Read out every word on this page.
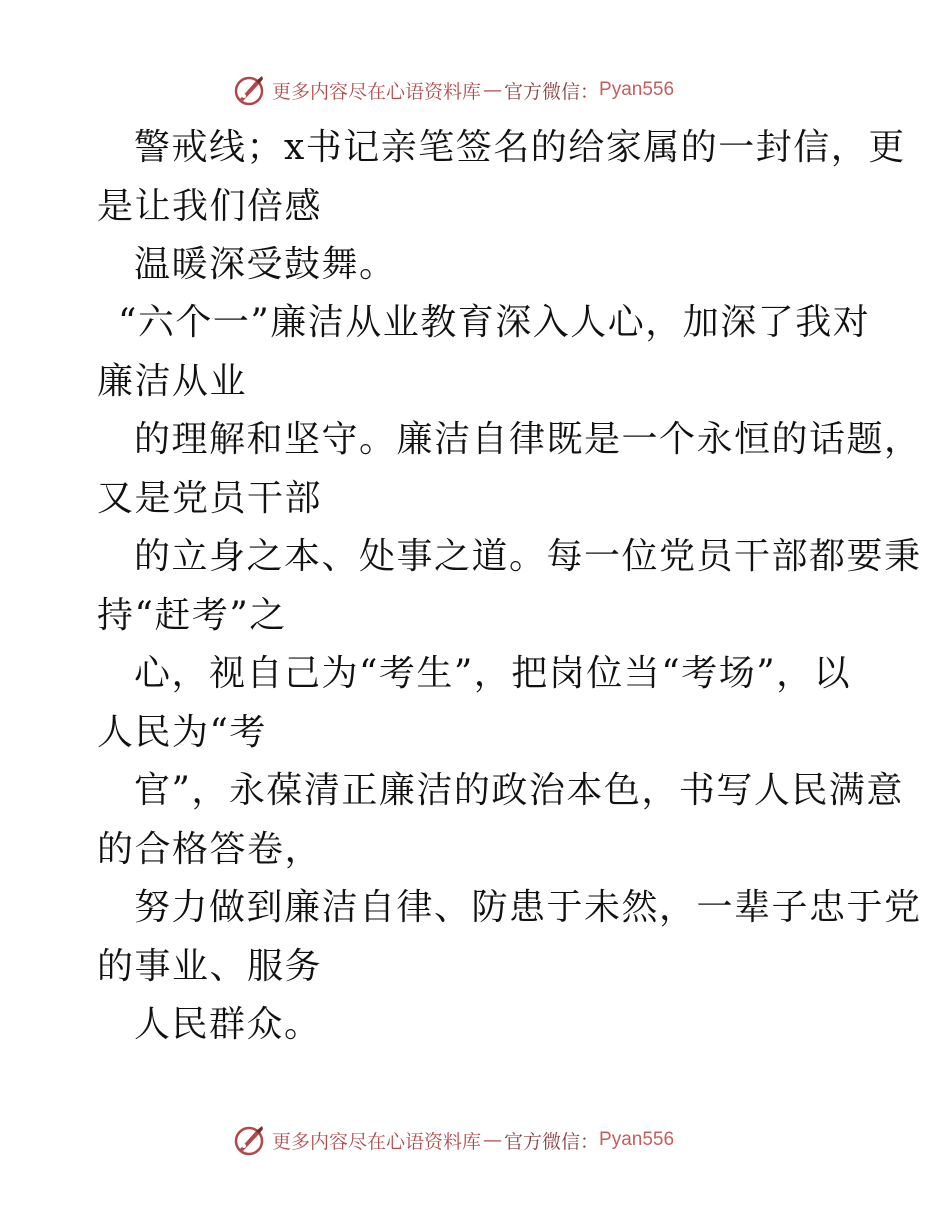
更多内容尽在心语资料库 — 官方微信： Pyan556
警戒线；x书记亲笔签名的给家属的一封信，更
是让我们倍感
温暖深受鼓舞。
“六个一”廉洁从业教育深入人心，加深了我对
廉洁从业
的理解和坚守。廉洁自律既是一个永恒的话题，
又是党员干部
的立身之本、处事之道。每一位党员干部都要秉
持“赶考”之
心，视自己为“考生”，把岗位当“考场”，以
人民为“考
官”，永葆清正廉洁的政治本色，书写人民满意
的合格答卷，
努力做到廉洁自律、防患于未然，一辈子忠于党
的事业、服务
人民群众。
更多内容尽在心语资料库 — 官方微信： Pyan556
